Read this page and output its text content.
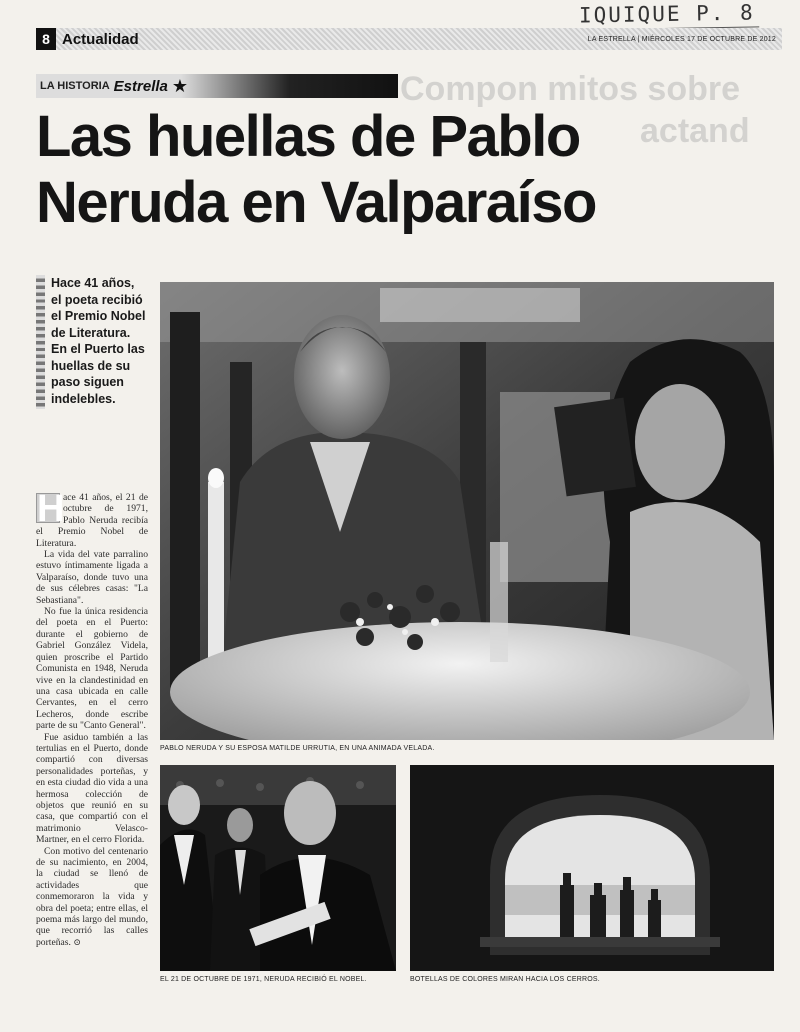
Compon mitos sobre
actand
IQUIQUE P. 8
8 Actualidad	LA ESTRELLA | MIÉRCOLES 17 DE OCTUBRE DE 2012
LA HISTORIA Estrella ★
Las huellas de Pablo
Neruda en Valparaíso
Hace 41 años, el poeta recibió el Premio Nobel de Literatura. En el Puerto las huellas de su paso siguen indelebles.

H
ace 41 años, el 21 de octubre de 1971, Pablo Neruda recibía el Premio Nobel de Literatura.

La vida del vate parralino estuvo íntimamente ligada a Valparaíso, donde tuvo una de sus célebres casas: "La Sebastiana".

No fue la única residencia del poeta en el Puerto: durante el gobierno de Gabriel González Videla, quien proscribe el Partido Comunista en 1948, Neruda vive en la clandestinidad en una casa ubicada en calle Cervantes, en el cerro Lecheros, donde escribe parte de su "Canto General".

Fue asiduo también a las tertulias en el Puerto, donde compartió con diversas personalidades porteñas, y en esta ciudad dio vida a una hermosa colección de objetos que reunió en su casa, que compartió con el matrimonio Velasco-Martner, en el cerro Florida.

Con motivo del centenario de su nacimiento, en 2004, la ciudad se llenó de actividades que conmemoraron la vida y obra del poeta; entre ellas, el poema más largo del mundo, que recorrió las calles porteñas. ⊙

PABLO NERUDA Y SU ESPOSA MATILDE URRUTIA, EN UNA ANIMADA VELADA.
EL 21 DE OCTUBRE DE 1971, NERUDA RECIBIÓ EL NOBEL.	BOTELLAS DE COLORES MIRAN HACIA LOS CERROS.
